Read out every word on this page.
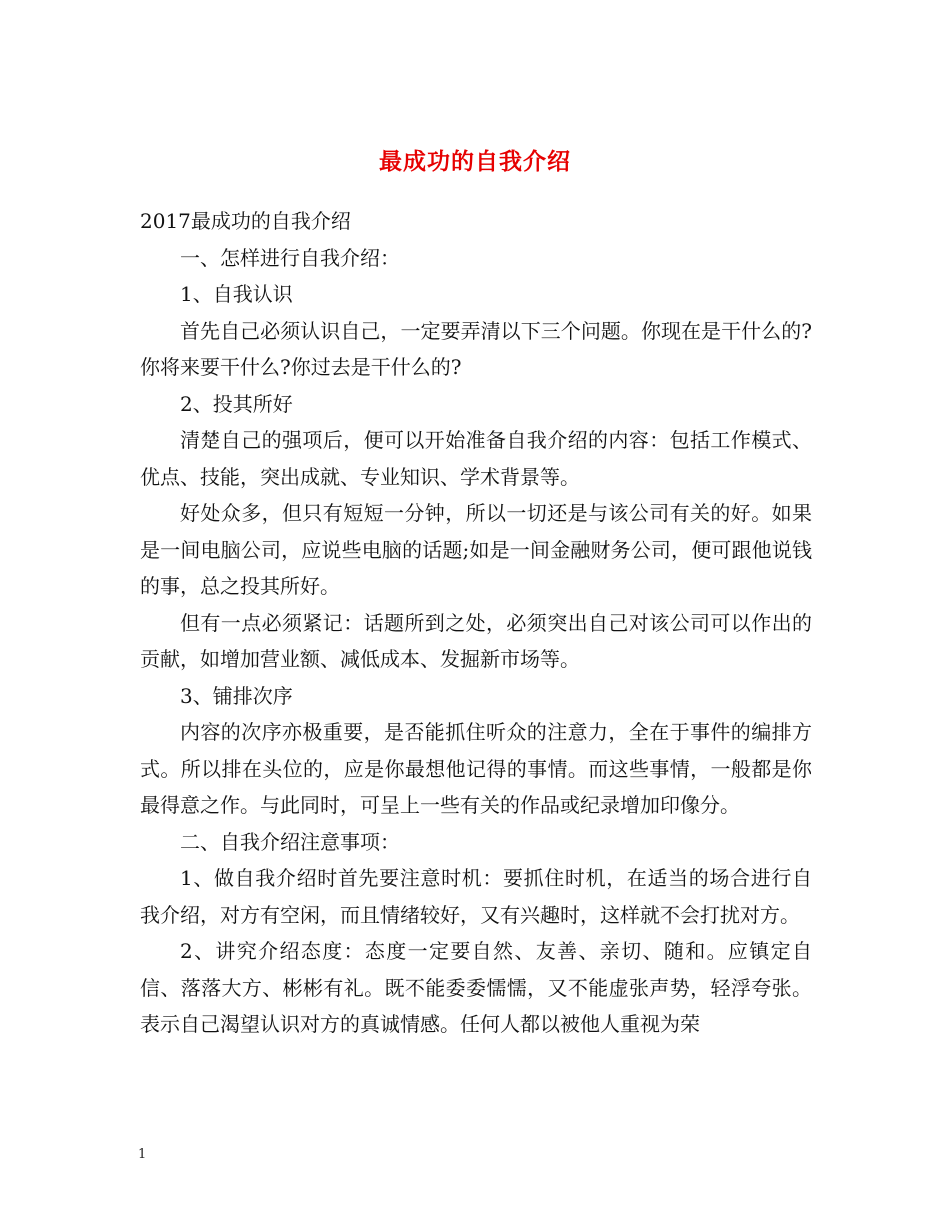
最成功的自我介绍

2017最成功的自我介绍

一、怎样进行自我介绍：

1、自我认识

首先自己必须认识自己，一定要弄清以下三个问题。你现在是干什么的?你将来要干什么?你过去是干什么的?

2、投其所好

清楚自己的强项后，便可以开始准备自我介绍的内容：包括工作模式、优点、技能，突出成就、专业知识、学术背景等。

好处众多，但只有短短一分钟，所以一切还是与该公司有关的好。如果是一间电脑公司，应说些电脑的话题;如是一间金融财务公司，便可跟他说钱的事，总之投其所好。

但有一点必须紧记：话题所到之处，必须突出自己对该公司可以作出的贡献，如增加营业额、减低成本、发掘新市场等。

3、铺排次序

内容的次序亦极重要，是否能抓住听众的注意力，全在于事件的编排方式。所以排在头位的，应是你最想他记得的事情。而这些事情，一般都是你最得意之作。与此同时，可呈上一些有关的作品或纪录增加印像分。

二、自我介绍注意事项：

1、做自我介绍时首先要注意时机：要抓住时机，在适当的场合进行自我介绍，对方有空闲，而且情绪较好，又有兴趣时，这样就不会打扰对方。

2、讲究介绍态度：态度一定要自然、友善、亲切、随和。应镇定自信、落落大方、彬彬有礼。既不能委委懦懦，又不能虚张声势，轻浮夸张。表示自己渴望认识对方的真诚情感。任何人都以被他人重视为荣

1
